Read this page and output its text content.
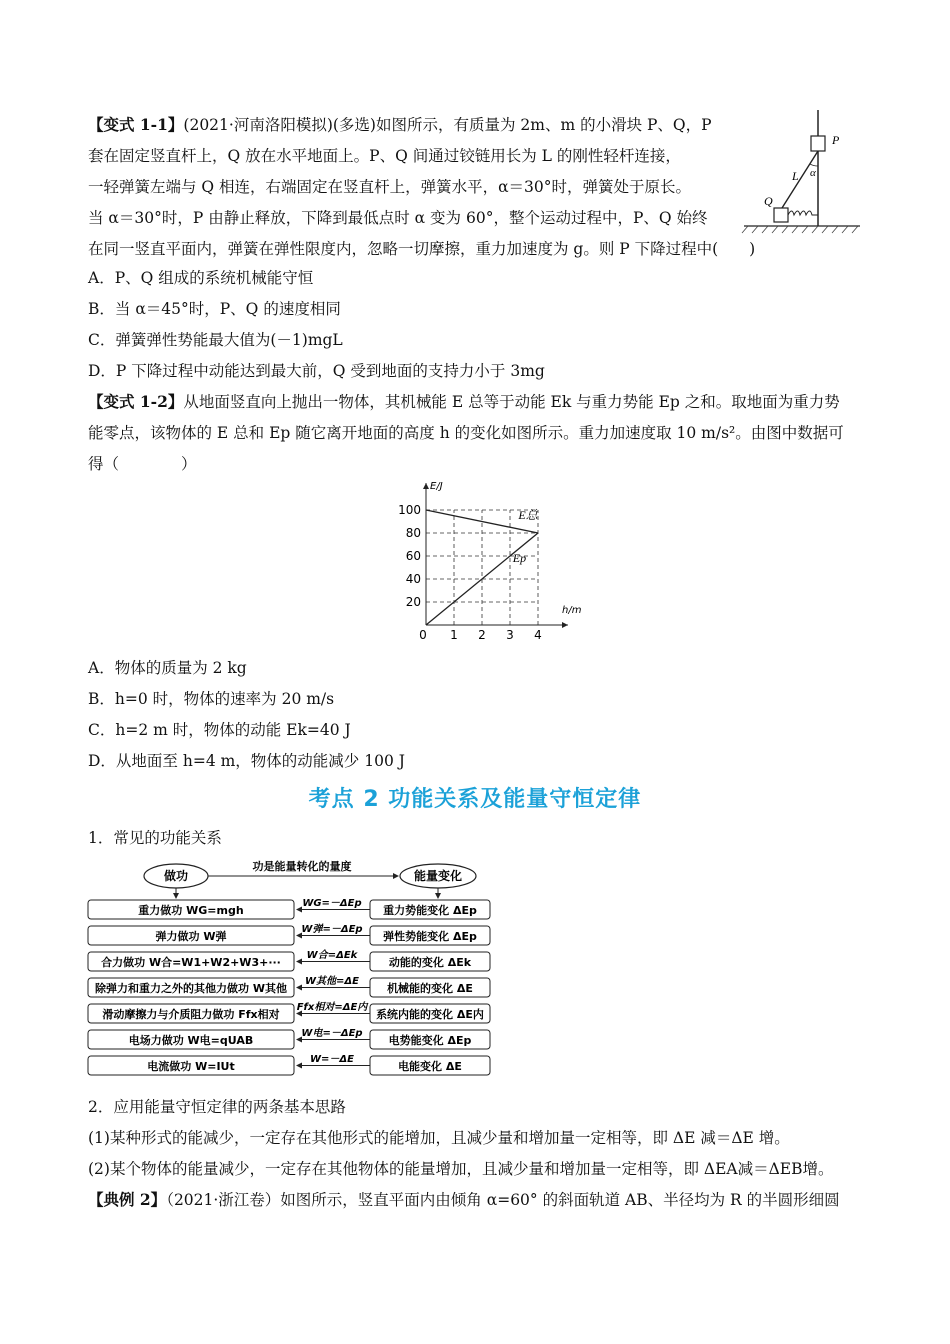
【变式 1-1】(2021·河南洛阳模拟)(多选)如图所示，有质量为 2m、m 的小滑块 P、Q，P
套在固定竖直杆上，Q 放在水平地面上。P、Q 间通过铰链用长为 L 的刚性轻杆连接，
一轻弹簧左端与 Q 相连，右端固定在竖直杆上，弹簧水平，α＝30°时，弹簧处于原长。
当 α＝30°时，P 由静止释放，下降到最低点时 α 变为 60°，整个运动过程中，P、Q 始终
在同一竖直平面内，弹簧在弹性限度内，忽略一切摩擦，重力加速度为 g。则 P 下降过程中(　　)
P
L α
Q
A．P、Q 组成的系统机械能守恒
B．当 α＝45°时，P、Q 的速度相同
C．弹簧弹性势能最大值为(－1)mgL
D．P 下降过程中动能达到最大前，Q 受到地面的支持力小于 3mg
【变式 1-2】从地面竖直向上抛出一物体，其机械能 E 总等于动能 Ek 与重力势能 Ep 之和。取地面为重力势
能零点，该物体的 E 总和 Ep 随它离开地面的高度 h 的变化如图所示。重力加速度取 10 m/s²。由图中数据可
得（　　　　）
20
40
60
80
100
0 1 2 3 4
E总
Ep
E/J
h/m
A．物体的质量为 2 kg
B．h=0 时，物体的速率为 20 m/s
C．h=2 m 时，物体的动能 Ek=40 J
D．从地面至 h=4 m，物体的动能减少 100 J
考点 2 功能关系及能量守恒定律
1．常见的功能关系
做功	能量变化
功是能量转化的量度
重力做功 WG=mgh	重力势能变化 ΔEp
WG=－ΔEp
弹力做功 W弹	弹性势能变化 ΔEp
W弹=－ΔEp
合力做功 W合=W1+W2+W3+···	动能的变化 ΔEk
W合=ΔEk
除弹力和重力之外的其他力做功 W其他	机械能的变化 ΔE
W其他=ΔE
滑动摩擦力与介质阻力做功 Ffx相对	系统内能的变化 ΔE内
Ffx相对=ΔE内
电场力做功 W电=qUAB	电势能变化 ΔEp
W电=－ΔEp
电流做功 W=IUt	电能变化 ΔE
W=－ΔE
2．应用能量守恒定律的两条基本思路
(1)某种形式的能减少，一定存在其他形式的能增加，且减少量和增加量一定相等，即 ΔE 减＝ΔE 增。
(2)某个物体的能量减少，一定存在其他物体的能量增加，且减少量和增加量一定相等，即 ΔEA减＝ΔEB增。
【典例 2】（2021·浙江卷）如图所示，竖直平面内由倾角 α=60° 的斜面轨道 AB、半径均为 R 的半圆形细圆
